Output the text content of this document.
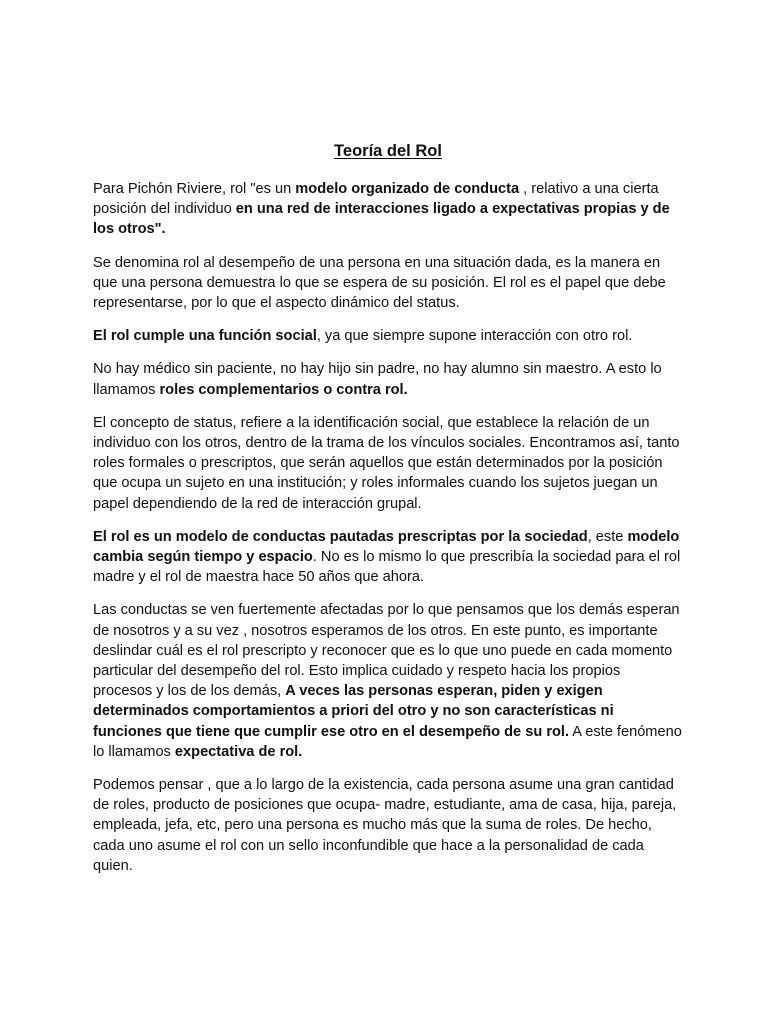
Teoría del Rol

Para Pichón Riviere, rol "es un modelo organizado de conducta , relativo a una cierta posición del individuo en una red de interacciones ligado a expectativas propias y de los otros".

Se denomina rol al desempeño de una persona en una situación dada, es la manera en que una persona demuestra lo que se espera de su posición. El rol es el papel que debe representarse, por lo que el aspecto dinámico del status.

El rol cumple una función social, ya que siempre supone interacción con otro rol.

No hay médico sin paciente, no hay hijo sin padre, no hay alumno sin maestro. A esto lo llamamos roles complementarios o contra rol.

El concepto de status, refiere a la identificación social, que establece la relación de un individuo con los otros, dentro de la trama de los vínculos sociales. Encontramos así, tanto roles formales o prescriptos, que serán aquellos que están determinados por la posición que ocupa un sujeto en una institución; y roles informales cuando los sujetos juegan un papel dependiendo de la red de interacción grupal.

El rol es un modelo de conductas pautadas prescriptas por la sociedad, este modelo cambia según tiempo y espacio. No es lo mismo lo que prescribía la sociedad para el rol madre y el rol de maestra hace 50 años que ahora.

Las conductas se ven fuertemente afectadas por lo que pensamos que los demás esperan de nosotros y a su vez , nosotros esperamos de los otros. En este punto, es importante deslindar cuál es el rol prescripto y reconocer que es lo que uno puede en cada momento particular del desempeño del rol. Esto implica cuidado y respeto hacia los propios procesos y los de los demás, A veces las personas esperan, piden y exigen determinados comportamientos a priori del otro y no son características ni funciones que tiene que cumplir ese otro en el desempeño de su rol. A este fenómeno lo llamamos expectativa de rol.

Podemos pensar , que a lo largo de la existencia, cada persona asume una gran cantidad de roles, producto de posiciones que ocupa- madre, estudiante, ama de casa, hija, pareja, empleada, jefa, etc, pero una persona es mucho más que la suma de roles. De hecho, cada uno asume el rol con un sello inconfundible que hace a la personalidad de cada quien.
